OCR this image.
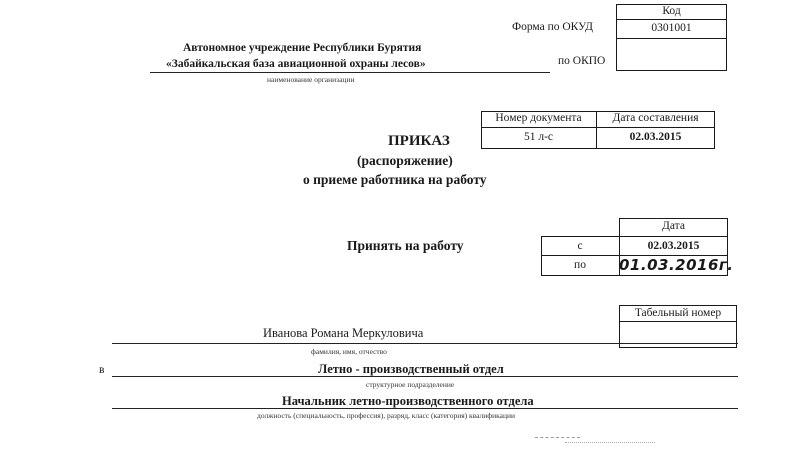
Форма по ОКУД
по ОКПО
Код
0301001
Автономное учреждение Республики Бурятия
«Забайкальская база авиационной охраны лесов»
наименование организации
Номер документа	Дата составления
51 л-с	02.03.2015
ПРИКАЗ
(распоряжение)
о приеме работника на работу
Принять на работу
Дата
с	02.03.2015
по	01.03.2016г.
Табельный номер
Иванова Романа Меркуловича
фамилия, имя, отчество
в	Летно - производственный отдел
структурное подразделение
Начальник летно-производственного отдела
должность (специальность, профессия), разряд, класс (категория) квалификации
